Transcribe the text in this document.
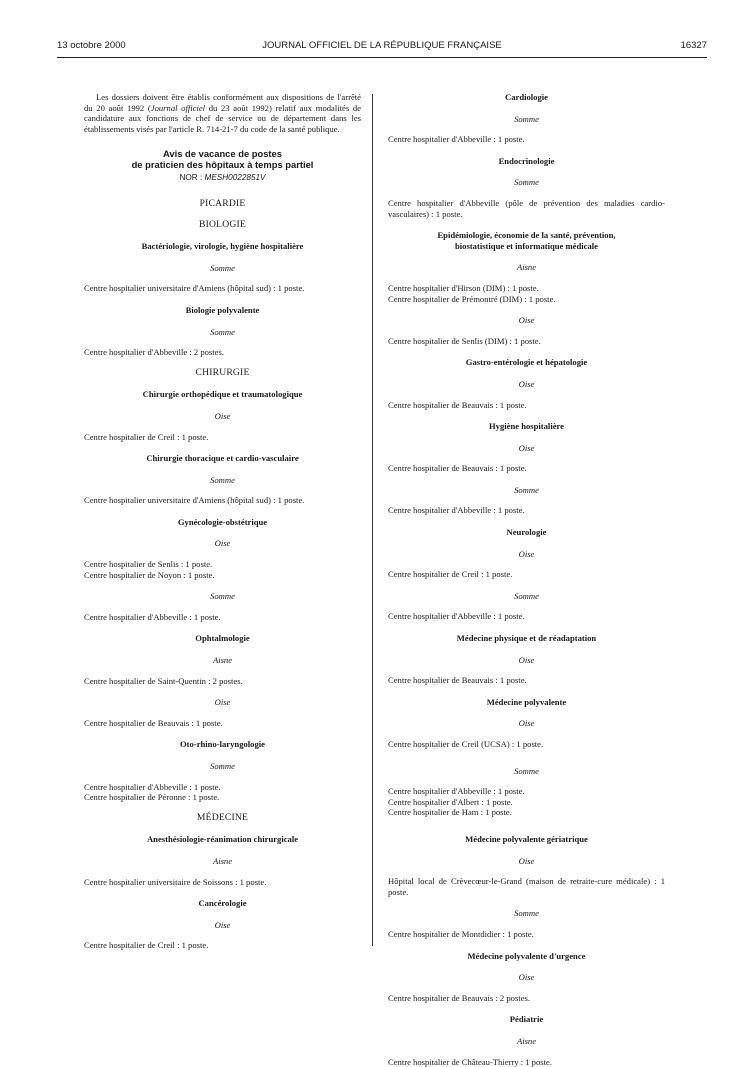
13 octobre 2000	JOURNAL OFFICIEL DE LA RÉPUBLIQUE FRANÇAISE	16327
Les dossiers doivent être établis conformément aux dispositions de l'arrêté du 20 août 1992 (Journal officiel du 23 août 1992) relatif aux modalités de candidature aux fonctions de chef de service ou de département dans les établissements visés par l'article R. 714-21-7 du code de la santé publique.
Avis de vacance de postes
de praticien des hôpitaux à temps partiel
NOR : MESH0022851V
PICARDIE
BIOLOGIE
Bactériologie, virologie, hygiène hospitalière
Somme
Centre hospitalier universitaire d'Amiens (hôpital sud) : 1 poste.
Biologie polyvalente
Somme
Centre hospitalier d'Abbeville : 2 postes.
CHIRURGIE
Chirurgie orthopédique et traumatologique
Oise
Centre hospitalier de Creil : 1 poste.
Chirurgie thoracique et cardio-vasculaire
Somme
Centre hospitalier universitaire d'Amiens (hôpital sud) : 1 poste.
Gynécologie-obstétrique
Oise
Centre hospitalier de Senlis : 1 poste.
Centre hospitalier de Noyon : 1 poste.
Somme
Centre hospitalier d'Abbeville : 1 poste.
Ophtalmologie
Aisne
Centre hospitalier de Saint-Quentin : 2 postes.
Oise
Centre hospitalier de Beauvais : 1 poste.
Oto-rhino-laryngologie
Somme
Centre hospitalier d'Abbeville : 1 poste.
Centre hospitalier de Péronne : 1 poste.
MÉDECINE
Anesthésiologie-réanimation chirurgicale
Aisne
Centre hospitalier universitaire de Soissons : 1 poste.
Cancérologie
Oise
Centre hospitalier de Creil : 1 poste.
Cardiologie
Somme
Centre hospitalier d'Abbeville : 1 poste.
Endocrinologie
Somme
Centre hospitalier d'Abbeville (pôle de prévention des maladies cardio-vasculaires) : 1 poste.
Epidémiologie, économie de la santé, prévention,
biostatistique et informatique médicale
Aisne
Centre hospitalier d'Hirson (DIM) : 1 poste.
Centre hospitalier de Prémontré (DIM) : 1 poste.
Oise
Centre hospitalier de Senlis (DIM) : 1 poste.
Gastro-entérologie et hépatologie
Oise
Centre hospitalier de Beauvais : 1 poste.
Hygiène hospitalière
Oise
Centre hospitalier de Beauvais : 1 poste.
Somme
Centre hospitalier d'Abbeville : 1 poste.
Neurologie
Oise
Centre hospitalier de Creil : 1 poste.
Somme
Centre hospitalier d'Abbeville : 1 poste.
Médecine physique et de réadaptation
Oise
Centre hospitalier de Beauvais : 1 poste.
Médecine polyvalente
Oise
Centre hospitalier de Creil (UCSA) : 1 poste.
Somme
Centre hospitalier d'Abbeville : 1 poste.
Centre hospitalier d'Albert : 1 poste.
Centre hospitalier de Ham : 1 poste.
Médecine polyvalente gériatrique
Oise
Hôpital local de Crèvecœur-le-Grand (maison de retraite-cure médicale) : 1 poste.
Somme
Centre hospitalier de Montdidier : 1 poste.
Médecine polyvalente d'urgence
Oise
Centre hospitalier de Beauvais : 2 postes.
Pédiatrie
Aisne
Centre hospitalier de Château-Thierry : 1 poste.
